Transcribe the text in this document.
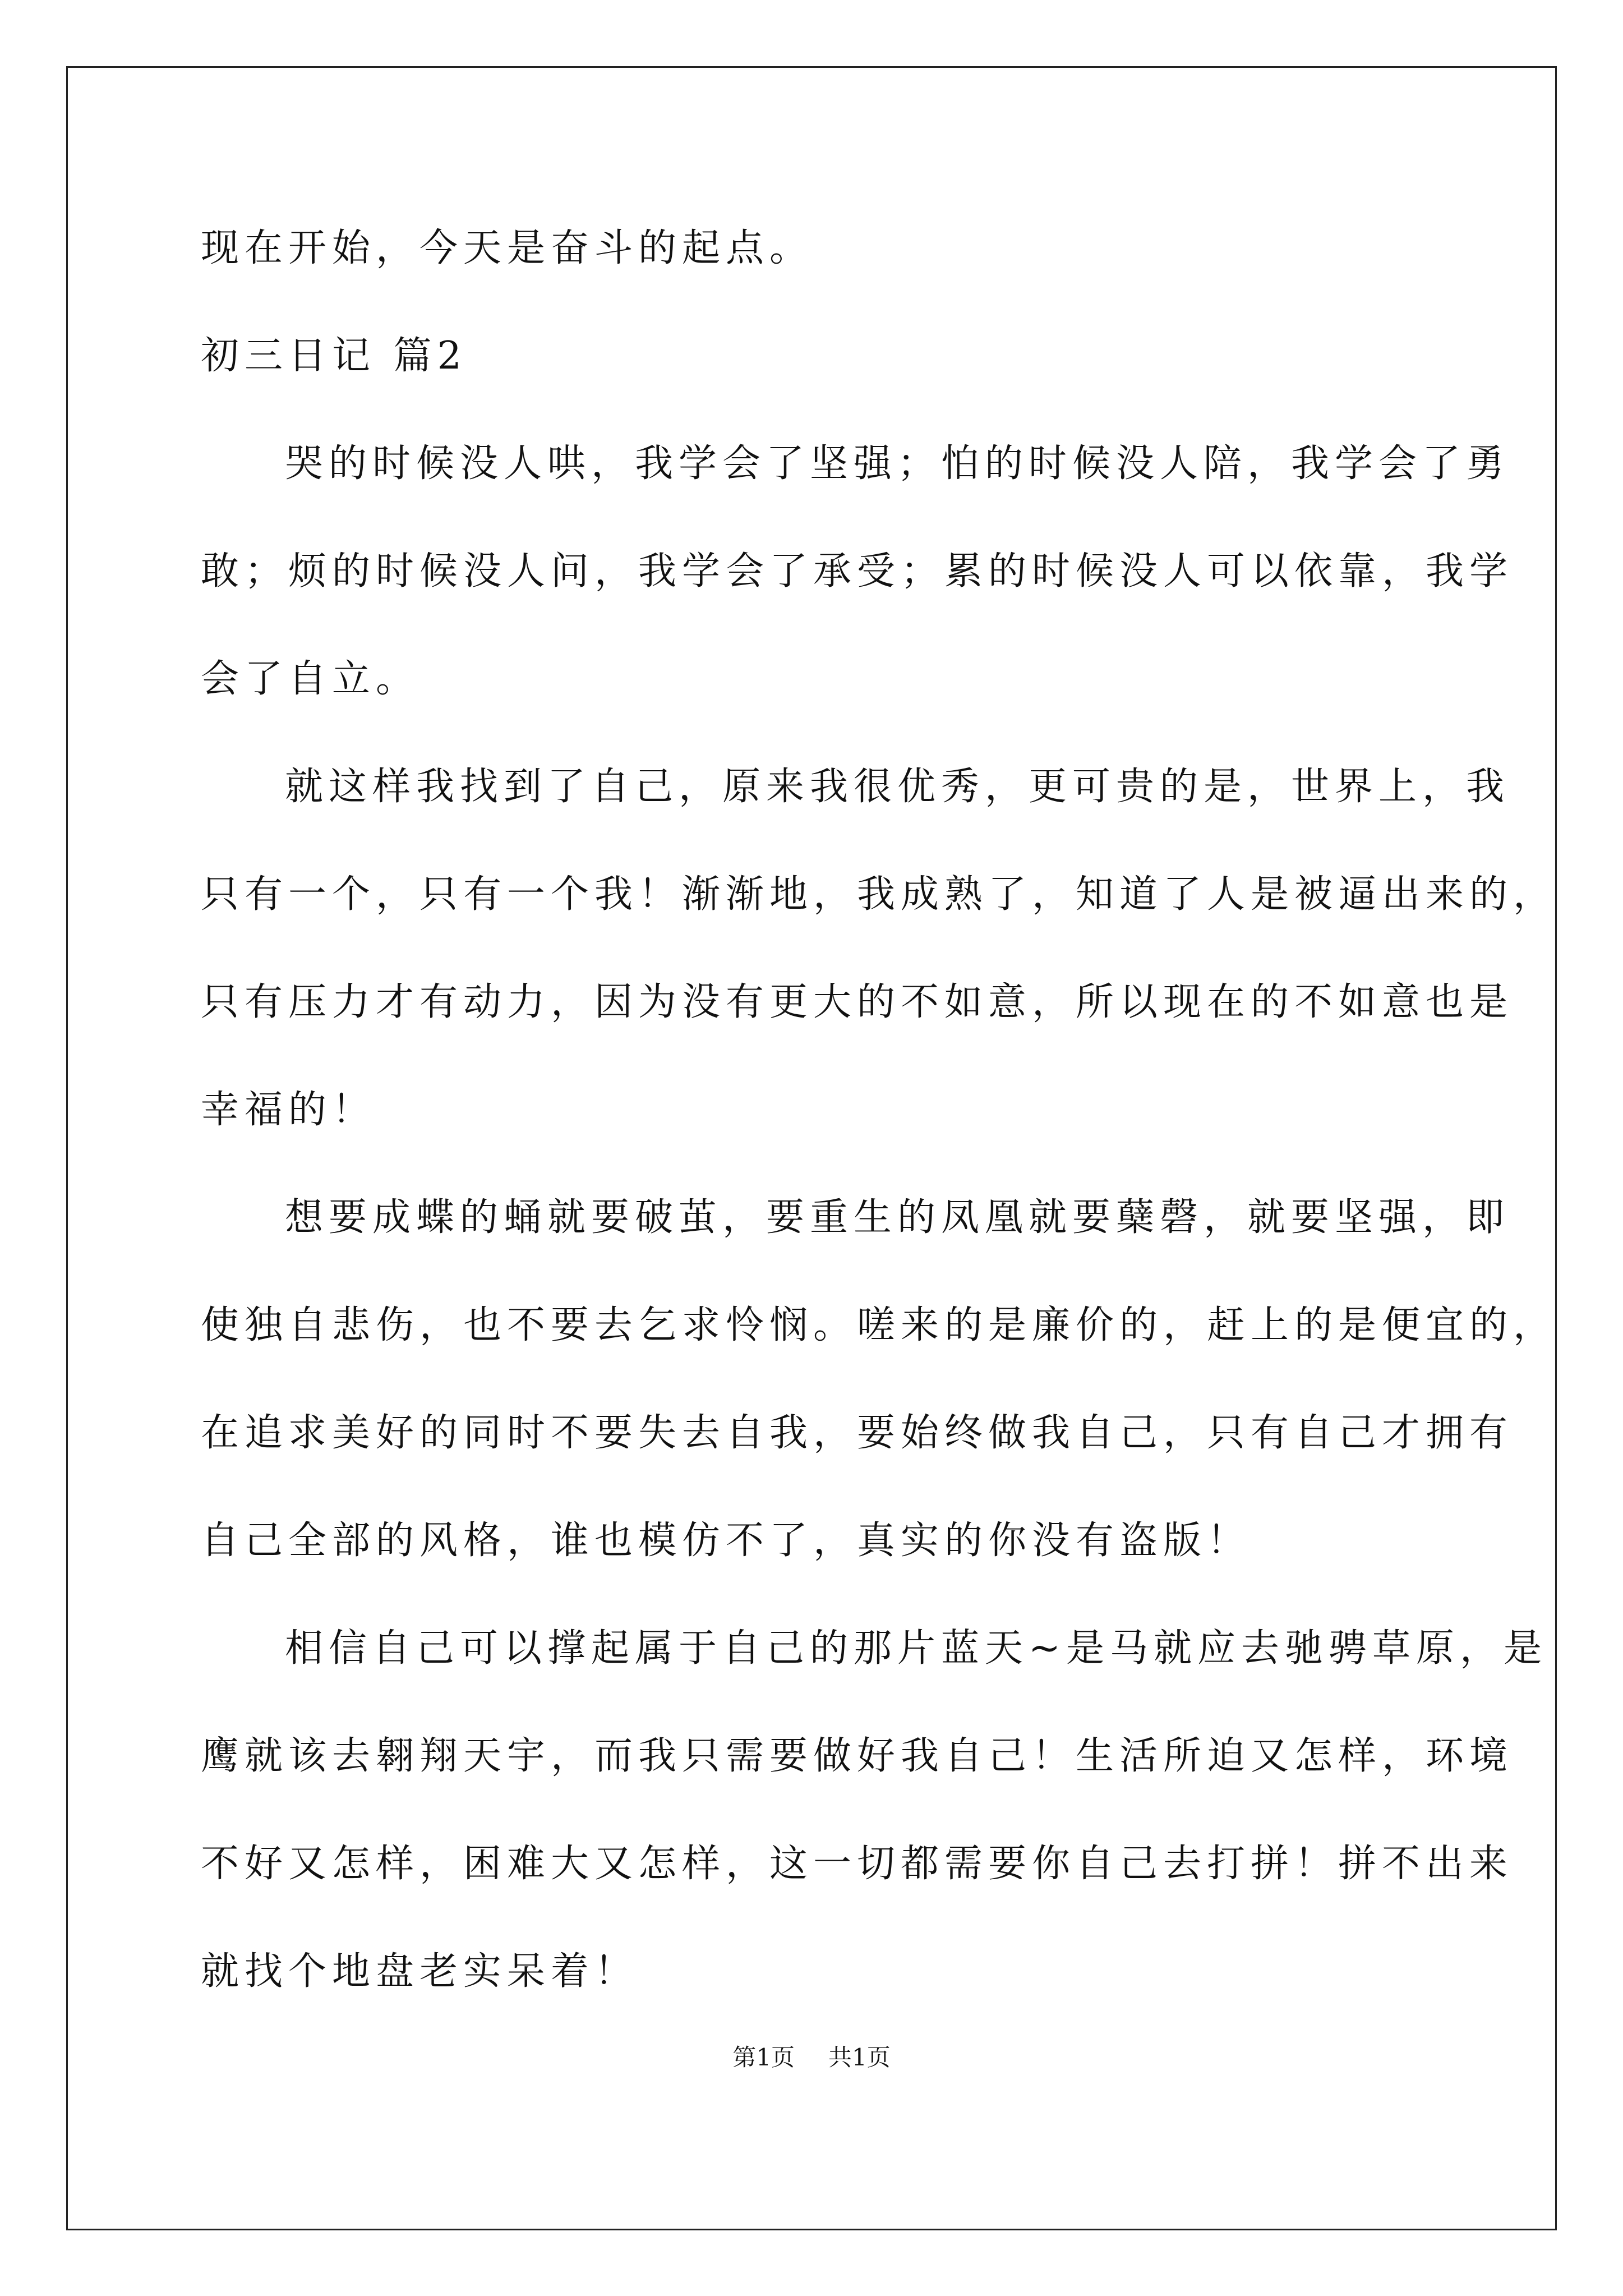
现在开始，今天是奋斗的起点。
初三日记 篇2
哭的时候没人哄，我学会了坚强；怕的时候没人陪，我学会了勇
敢；烦的时候没人问，我学会了承受；累的时候没人可以依靠，我学
会了自立。
就这样我找到了自己，原来我很优秀，更可贵的是，世界上，我
只有一个，只有一个我！渐渐地，我成熟了，知道了人是被逼出来的，
只有压力才有动力，因为没有更大的不如意，所以现在的不如意也是
幸福的！
想要成蝶的蛹就要破茧，要重生的凤凰就要蘖磬，就要坚强，即
使独自悲伤，也不要去乞求怜悯。嗟来的是廉价的，赶上的是便宜的，
在追求美好的同时不要失去自我，要始终做我自己，只有自己才拥有
自己全部的风格，谁也模仿不了，真实的你没有盗版！
相信自己可以撑起属于自己的那片蓝天~是马就应去驰骋草原，是
鹰就该去翱翔天宇，而我只需要做好我自己！生活所迫又怎样，环境
不好又怎样，困难大又怎样，这一切都需要你自己去打拼！拼不出来
就找个地盘老实呆着！
第1页 共1页
